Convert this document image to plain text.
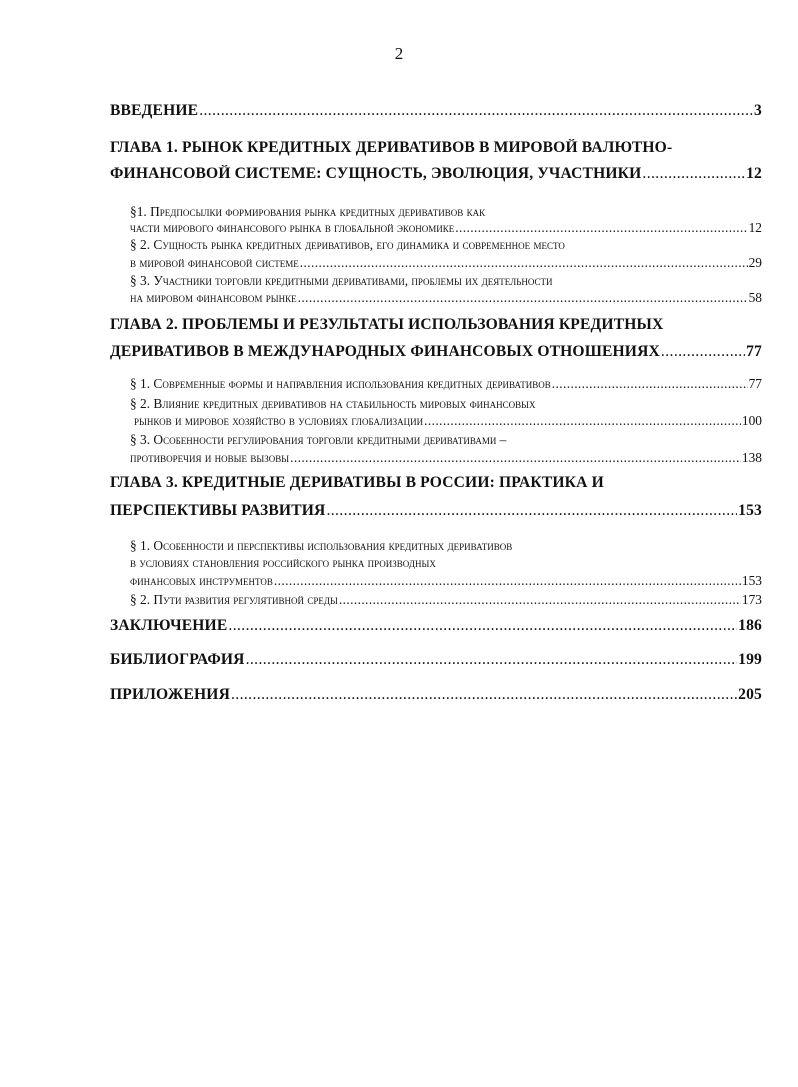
2
ВВЕДЕНИЕ .....	3
ГЛАВА 1. РЫНОК КРЕДИТНЫХ ДЕРИВАТИВОВ В МИРОВОЙ ВАЛЮТНО-
ФИНАНСОВОЙ СИСТЕМЕ: СУЩНОСТЬ, ЭВОЛЮЦИЯ, УЧАСТНИКИ .....	12
§1. Предпосылки формирования рынка кредитных деривативов как
части мирового финансового рынка в глобальной экономике .....	12
§ 2. Сущность рынка кредитных деривативов, его динамика и современное место
в мировой финансовой системе .....	29
§ 3. Участники торговли кредитными деривативами, проблемы их деятельности
на мировом финансовом рынке .....	58
ГЛАВА 2. ПРОБЛЕМЫ И РЕЗУЛЬТАТЫ ИСПОЛЬЗОВАНИЯ КРЕДИТНЫХ
ДЕРИВАТИВОВ В МЕЖДУНАРОДНЫХ ФИНАНСОВЫХ ОТНОШЕНИЯХ .....	77
§ 1. Современные формы и направления использования кредитных деривативов .....	77
§ 2. Влияние кредитных деривативов на стабильность мировых финансовых
рынков и мировое хозяйство в условиях глобализации .....	100
§ 3. Особенности регулирования торговли кредитными деривативами –
противоречия и новые вызовы .....	138
ГЛАВА 3. КРЕДИТНЫЕ ДЕРИВАТИВЫ В РОССИИ: ПРАКТИКА И
ПЕРСПЕКТИВЫ РАЗВИТИЯ .....	153
§ 1. Особенности и перспективы использования кредитных деривативов
в условиях становления российского рынка производных
финансовых инструментов .....	153
§ 2. Пути развития регулятивной среды .....	173
ЗАКЛЮЧЕНИЕ .....	186
БИБЛИОГРАФИЯ .....	199
ПРИЛОЖЕНИЯ .....	205
